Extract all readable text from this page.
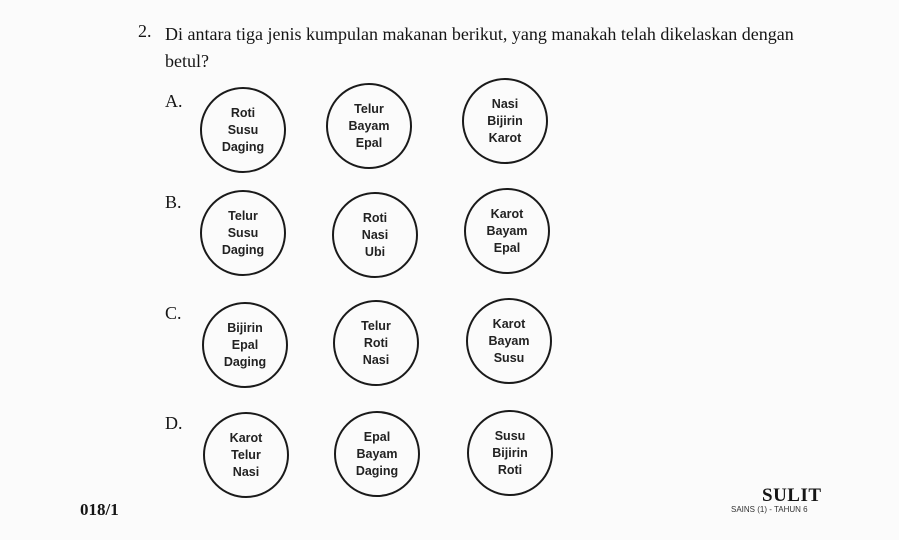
2. Di antara tiga jenis kumpulan makanan berikut, yang manakah telah dikelaskan dengan betul?
A.
Roti
Susu
Daging
Telur
Bayam
Epal
Nasi
Bijirin
Karot
B.
Telur
Susu
Daging
Roti
Nasi
Ubi
Karot
Bayam
Epal
C.
Bijirin
Epal
Daging
Telur
Roti
Nasi
Karot
Bayam
Susu
D.
Karot
Telur
Nasi
Epal
Bayam
Daging
Susu
Bijirin
Roti
018/1
SULIT
SAINS (1) - TAHUN 6
